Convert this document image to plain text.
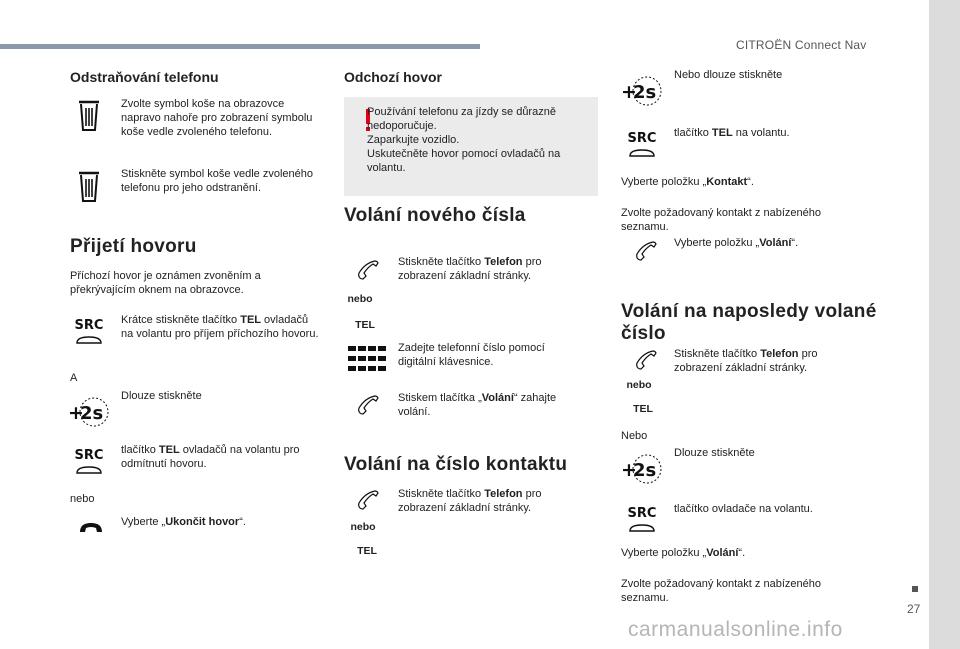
CITROËN Connect Nav
27
carmanualsonline.info
Odstraňování telefonu
Zvolte symbol koše na obrazovce napravo nahoře pro zobrazení symbolu koše vedle zvoleného telefonu.
Stiskněte symbol koše vedle zvoleného telefonu pro jeho odstranění.
Přijetí hovoru
Příchozí hovor je oznámen zvoněním a překrývajícím oknem na obrazovce.
SRC Krátce stiskněte tlačítko TEL ovladačů na volantu pro příjem příchozího hovoru.
A
+
2s
Dlouze stiskněte
SRC tlačítko TEL ovladačů na volantu pro odmítnutí hovoru.
nebo
Vyberte „Ukončit hovor“.
Odchozí hovor
Používání telefonu za jízdy se důrazně nedoporučuje.
Zaparkujte vozidlo.
Uskutečněte hovor pomocí ovladačů na volantu.
Volání nového čísla
nebo
TEL
Stiskněte tlačítko Telefon pro zobrazení základní stránky.
Zadejte telefonní číslo pomocí digitální klávesnice.
Stiskem tlačítka „Volání“ zahajte volání.
Volání na číslo kontaktu
nebo
TEL
Stiskněte tlačítko Telefon pro zobrazení základní stránky.
+
2s
Nebo dlouze stiskněte
SRC tlačítko TEL na volantu.
Vyberte položku „Kontakt“.
Zvolte požadovaný kontakt z nabízeného seznamu.
Vyberte položku „Volání“.
Volání na naposledy volané číslo
nebo
TEL
Stiskněte tlačítko Telefon pro zobrazení základní stránky.
Nebo
+
2s
Dlouze stiskněte
SRC tlačítko ovladače na volantu.
Vyberte položku „Volání“.
Zvolte požadovaný kontakt z nabízeného seznamu.
